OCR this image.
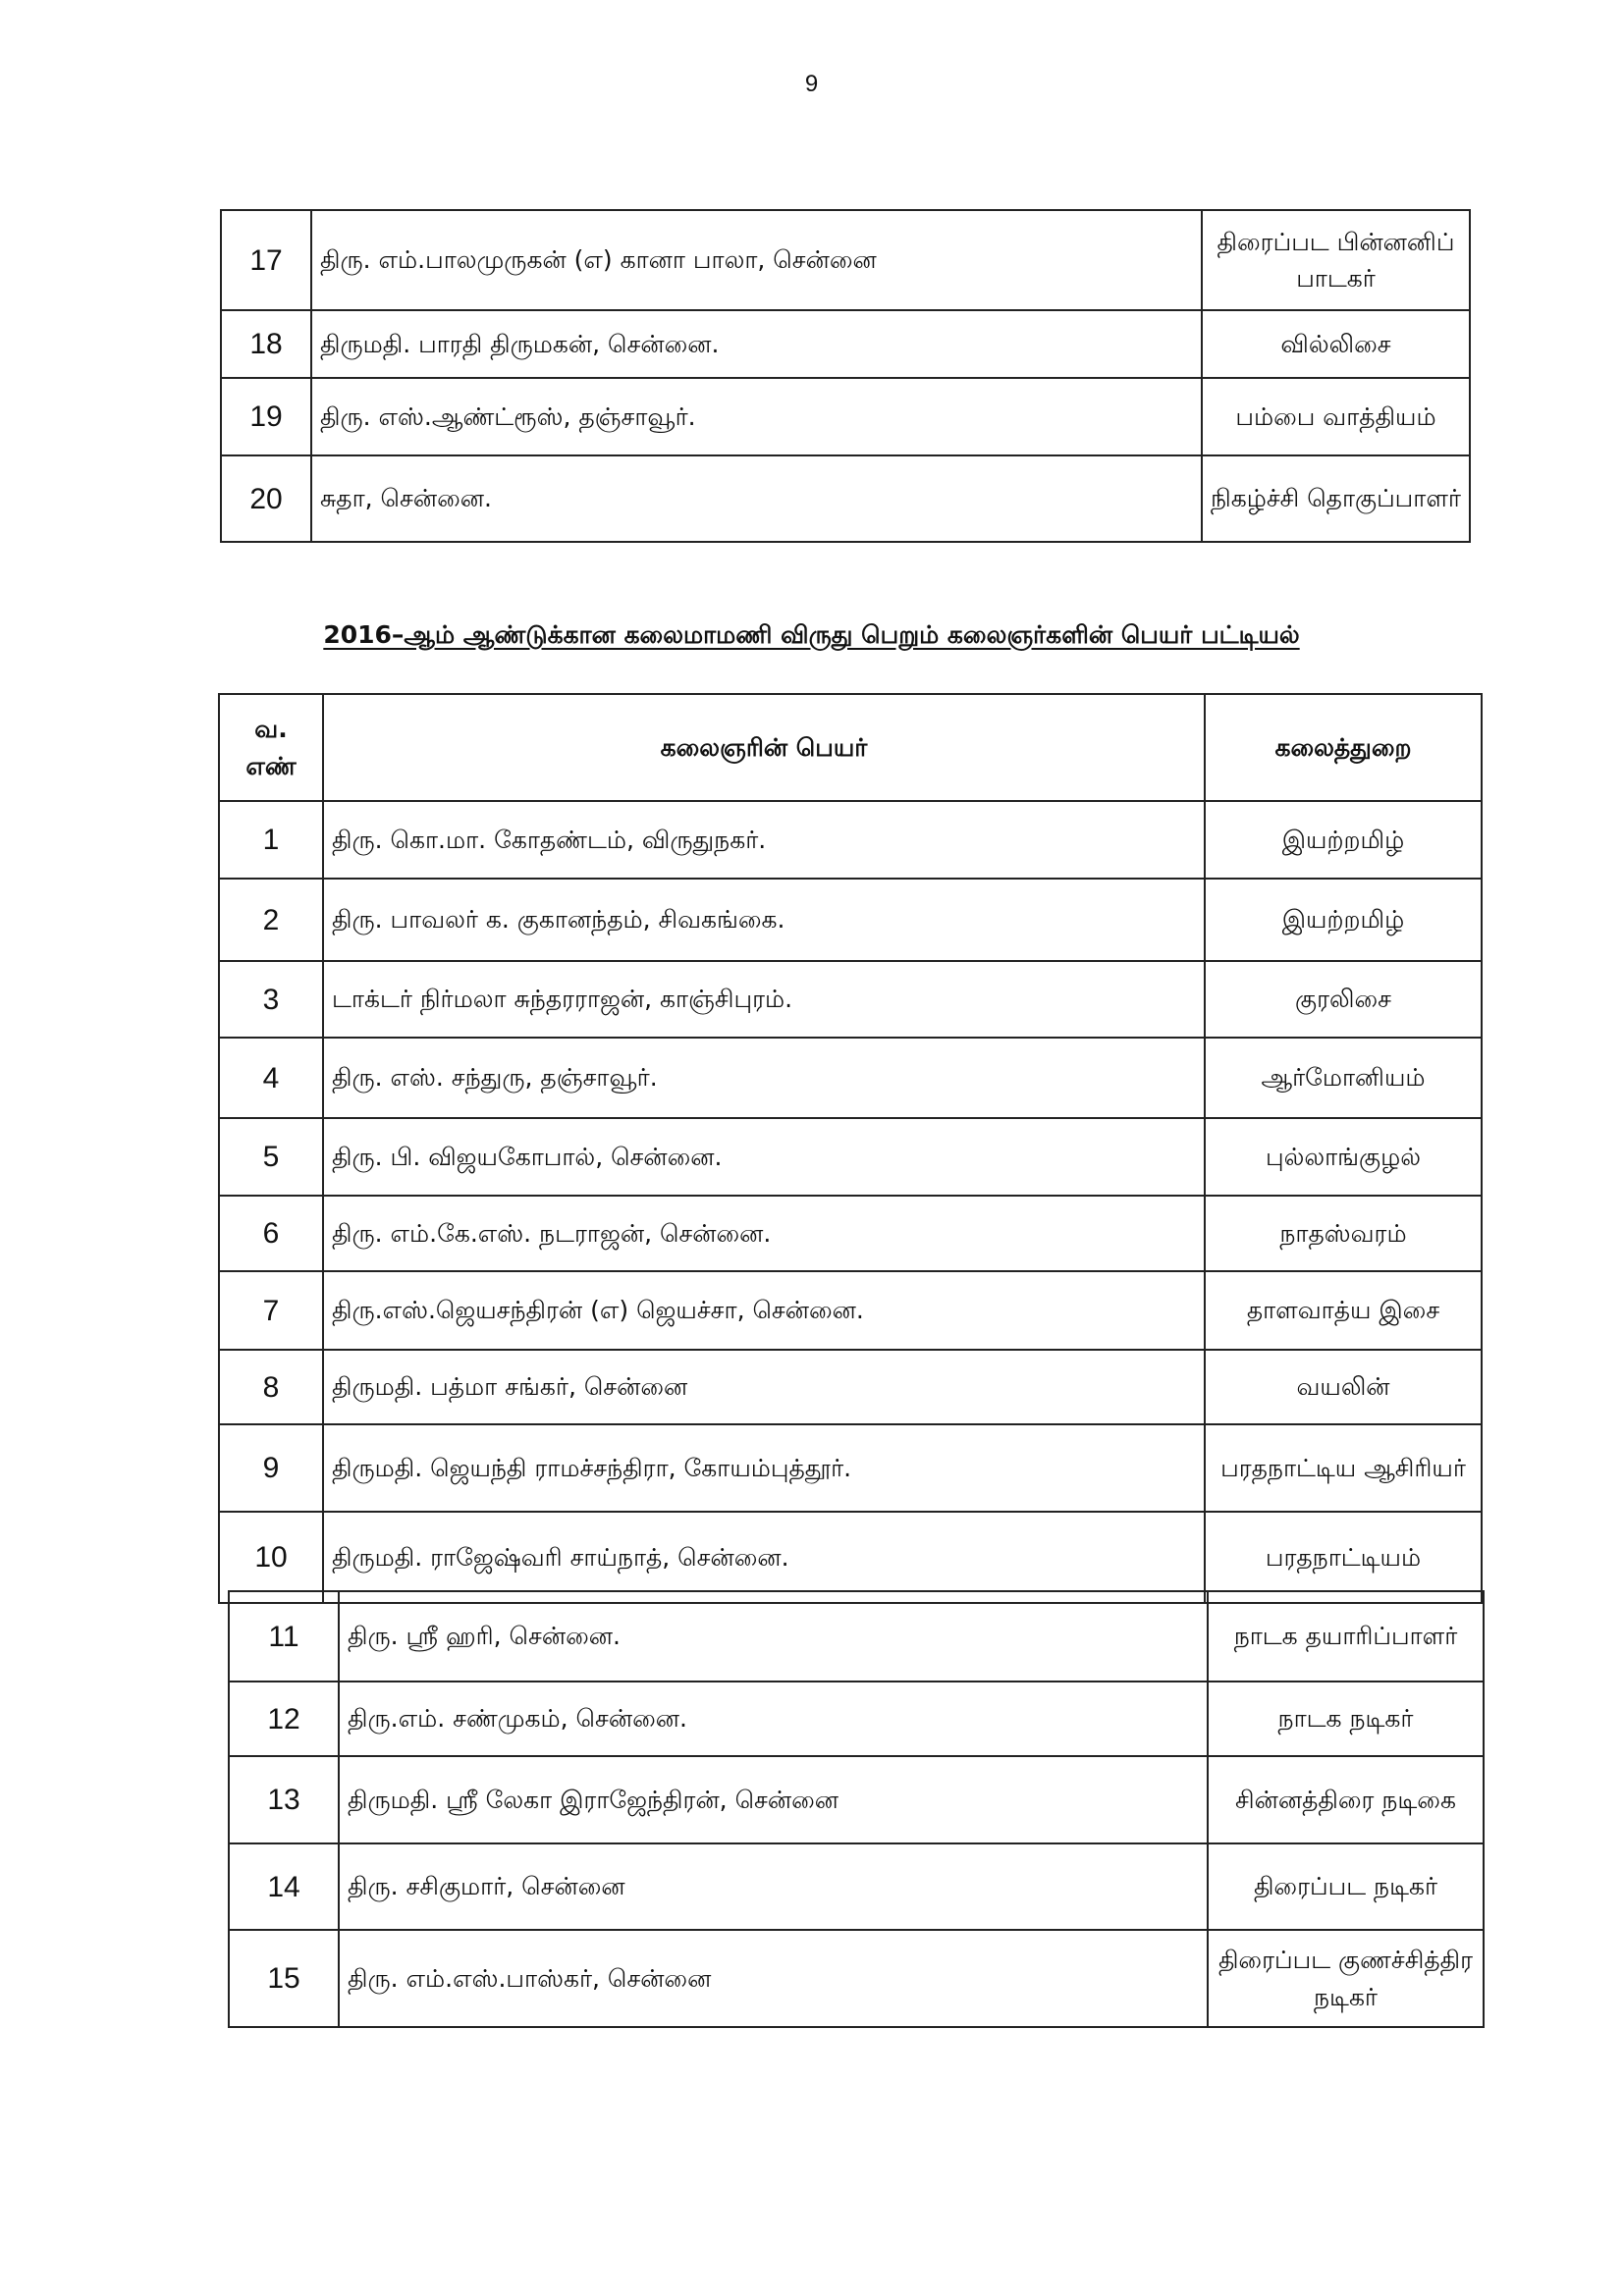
9
17	திரு. எம்.பாலமுருகன் (எ) கானா பாலா, சென்னை	திரைப்பட பின்னனிப் பாடகர்
18	திருமதி. பாரதி திருமகன், சென்னை.	வில்லிசை
19	திரு. எஸ்.ஆண்ட்ரூஸ், தஞ்சாவூர்.	பம்பை வாத்தியம்
20	சுதா, சென்னை.	நிகழ்ச்சி தொகுப்பாளர்
2016–ஆம் ஆண்டுக்கான கலைமாமணி விருது பெறும் கலைஞர்களின் பெயர் பட்டியல்
வ. எண்	கலைஞரின் பெயர்	கலைத்துறை
1	திரு. கொ.மா. கோதண்டம், விருதுநகர்.	இயற்றமிழ்
2	திரு. பாவலர் க. குகானந்தம், சிவகங்கை.	இயற்றமிழ்
3	டாக்டர் நிர்மலா சுந்தரராஜன், காஞ்சிபுரம்.	குரலிசை
4	திரு. எஸ். சந்துரு, தஞ்சாவூர்.	ஆர்மோனியம்
5	திரு. பி. விஜயகோபால், சென்னை.	புல்லாங்குழல்
6	திரு. எம்.கே.எஸ். நடராஜன், சென்னை.	நாதஸ்வரம்
7	திரு.எஸ்.ஜெயசந்திரன் (எ) ஜெயச்சா, சென்னை.	தாளவாத்ய இசை
8	திருமதி. பத்மா சங்கர், சென்னை	வயலின்
9	திருமதி. ஜெயந்தி ராமச்சந்திரா, கோயம்புத்தூர்.	பரதநாட்டிய ஆசிரியர்
10	திருமதி. ராஜேஷ்வரி சாய்நாத், சென்னை.	பரதநாட்டியம்
11	திரு. ஸ்ரீ ஹரி, சென்னை.	நாடக தயாரிப்பாளர்
12	திரு.எம். சண்முகம், சென்னை.	நாடக நடிகர்
13	திருமதி. ஸ்ரீ லேகா இராஜேந்திரன், சென்னை	சின்னத்திரை நடிகை
14	திரு. சசிகுமார், சென்னை	திரைப்பட நடிகர்
15	திரு. எம்.எஸ்.பாஸ்கர், சென்னை	திரைப்பட குணச்சித்திர நடிகர்
